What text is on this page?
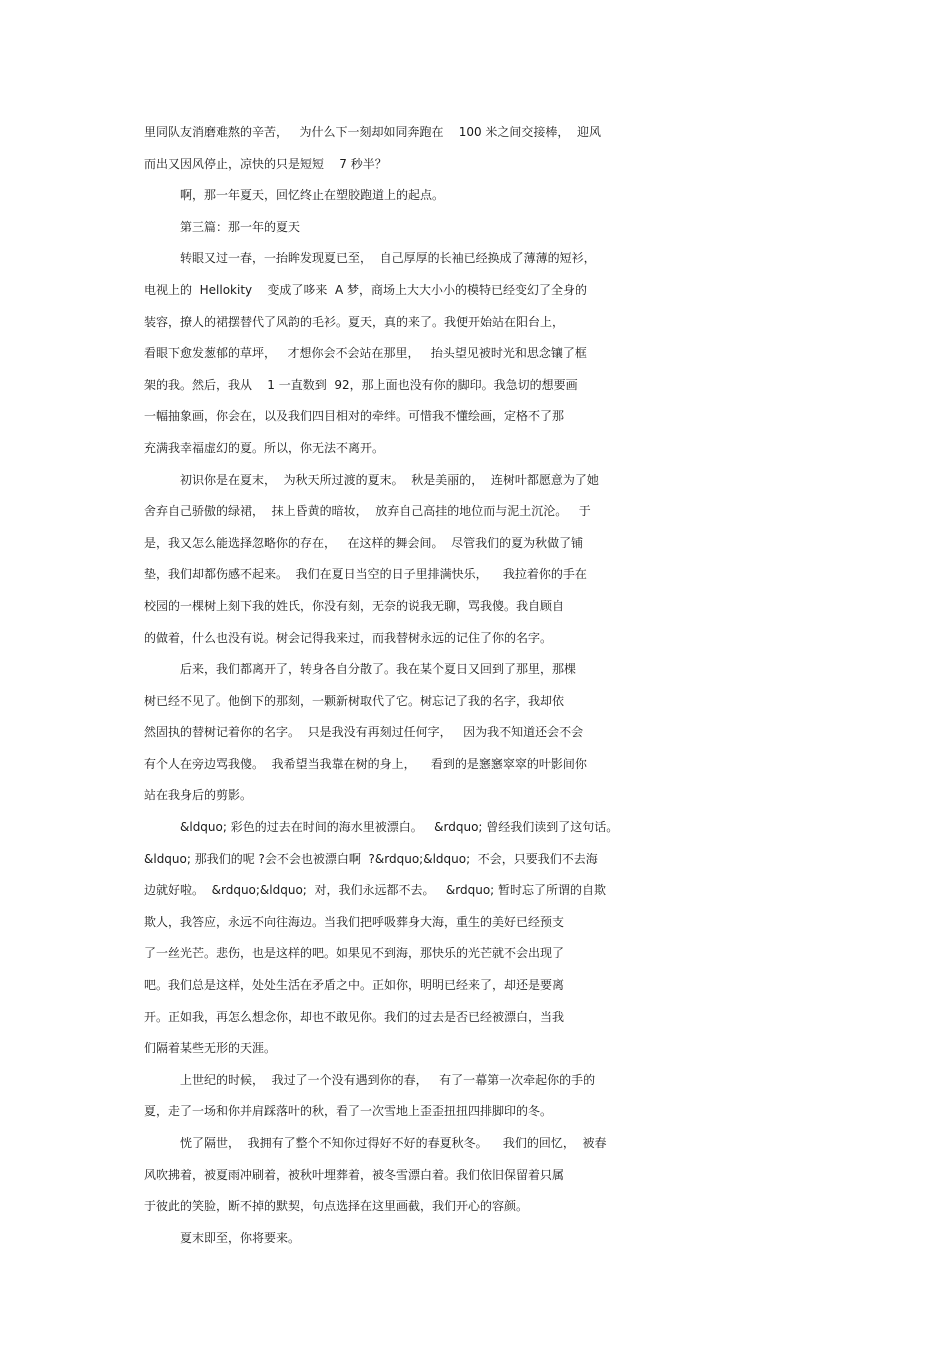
里同队友消磨难熬的辛苦，   为什么下一刻却如同奔跑在    100 米之间交接棒，  迎风
而出又因风停止，凉快的只是短短    7 秒半？
啊，那一年夏天，回忆终止在塑胶跑道上的起点。
第三篇：那一年的夏天
转眼又过一春，一抬眸发现夏已至，  自己厚厚的长袖已经换成了薄薄的短衫，
电视上的  Hellokity    变成了哆来  A 梦，商场上大大小小的模特已经变幻了全身的
装容，撩人的裙摆替代了风韵的毛衫。夏天，真的来了。我便开始站在阳台上，
看眼下愈发葱郁的草坪，   才想你会不会站在那里，   抬头望见被时光和思念镶了框
架的我。然后，我从    1 一直数到  92，那上面也没有你的脚印。我急切的想要画
一幅抽象画，你会在，以及我们四目相对的牵绊。可惜我不懂绘画，定格不了那
充满我幸福虚幻的夏。所以，你无法不离开。
初识你是在夏末，  为秋天所过渡的夏末。  秋是美丽的，  连树叶都愿意为了她
舍弃自己骄傲的绿裙，  抹上昏黄的暗妆，  放弃自己高挂的地位而与泥土沉沦。   于
是，我又怎么能选择忽略你的存在，   在这样的舞会间。  尽管我们的夏为秋做了铺
垫，我们却都伤感不起来。  我们在夏日当空的日子里排满快乐，    我拉着你的手在
校园的一棵树上刻下我的姓氏，你没有刻，无奈的说我无聊，骂我傻。我自顾自
的做着，什么也没有说。树会记得我来过，而我替树永远的记住了你的名字。
后来，我们都离开了，转身各自分散了。我在某个夏日又回到了那里，那棵
树已经不见了。他倒下的那刻，一颗新树取代了它。树忘记了我的名字，我却依
然固执的替树记着你的名字。  只是我没有再刻过任何字，   因为我不知道还会不会
有个人在旁边骂我傻。  我希望当我靠在树的身上，    看到的是窸窸窣窣的叶影间你
站在我身后的剪影。
&ldquo; 彩色的过去在时间的海水里被漂白。   &rdquo; 曾经我们读到了这句话。
&ldquo; 那我们的呢 ?会不会也被漂白啊  ?&rdquo;&ldquo;  不会，只要我们不去海
边就好啦。  &rdquo;&ldquo;  对，我们永远都不去。   &rdquo; 暂时忘了所谓的自欺
欺人，我答应，永远不向往海边。当我们把呼吸葬身大海，重生的美好已经预支
了一丝光芒。悲伤，也是这样的吧。如果见不到海，那快乐的光芒就不会出现了
吧。我们总是这样，处处生活在矛盾之中。正如你，明明已经来了，却还是要离
开。正如我，再怎么想念你，却也不敢见你。我们的过去是否已经被漂白，当我
们隔着某些无形的天涯。
上世纪的时候，  我过了一个没有遇到你的春，   有了一幕第一次牵起你的手的
夏，走了一场和你并肩踩落叶的秋，看了一次雪地上歪歪扭扭四排脚印的冬。
恍了隔世，  我拥有了整个不知你过得好不好的春夏秋冬。    我们的回忆，  被春
风吹拂着，被夏雨冲刷着，被秋叶埋葬着，被冬雪漂白着。我们依旧保留着只属
于彼此的笑脸，断不掉的默契，句点选择在这里画截，我们开心的容颜。
夏末即至，你将要来。
